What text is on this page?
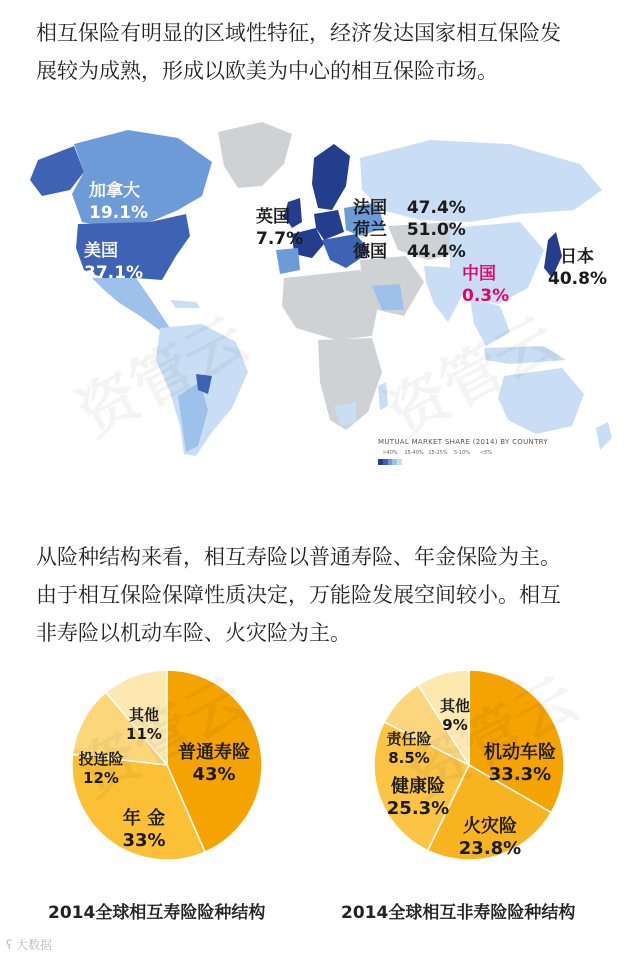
相互保险有明显的区域性特征，经济发达国家相互保险发
展较为成熟，形成以欧美为中心的相互保险市场。
加拿大
19.1%
美国
37.1%
英国
7.7%
法国 47.4%
荷兰 51.0%
德国 44.4%
中国
0.3%
日本
40.8%
MUTUAL MARKET SHARE (2014) BY COUNTRY
>40%	25-40% 15-25%	5-10%	<5%
从险种结构来看，相互寿险以普通寿险、年金保险为主。
由于相互保险保障性质决定，万能险发展空间较小。相互
非寿险以机动车险、火灾险为主。
普通寿险
43%
年 金
33%
投连险
12%
其他
11%
机动车险
33.3%
火灾险
23.8%
健康险
25.3%
责任险
8.5%
其他
9%
2014全球相互寿险险种结构	2014全球相互非寿险险种结构
ʕ 大数据
